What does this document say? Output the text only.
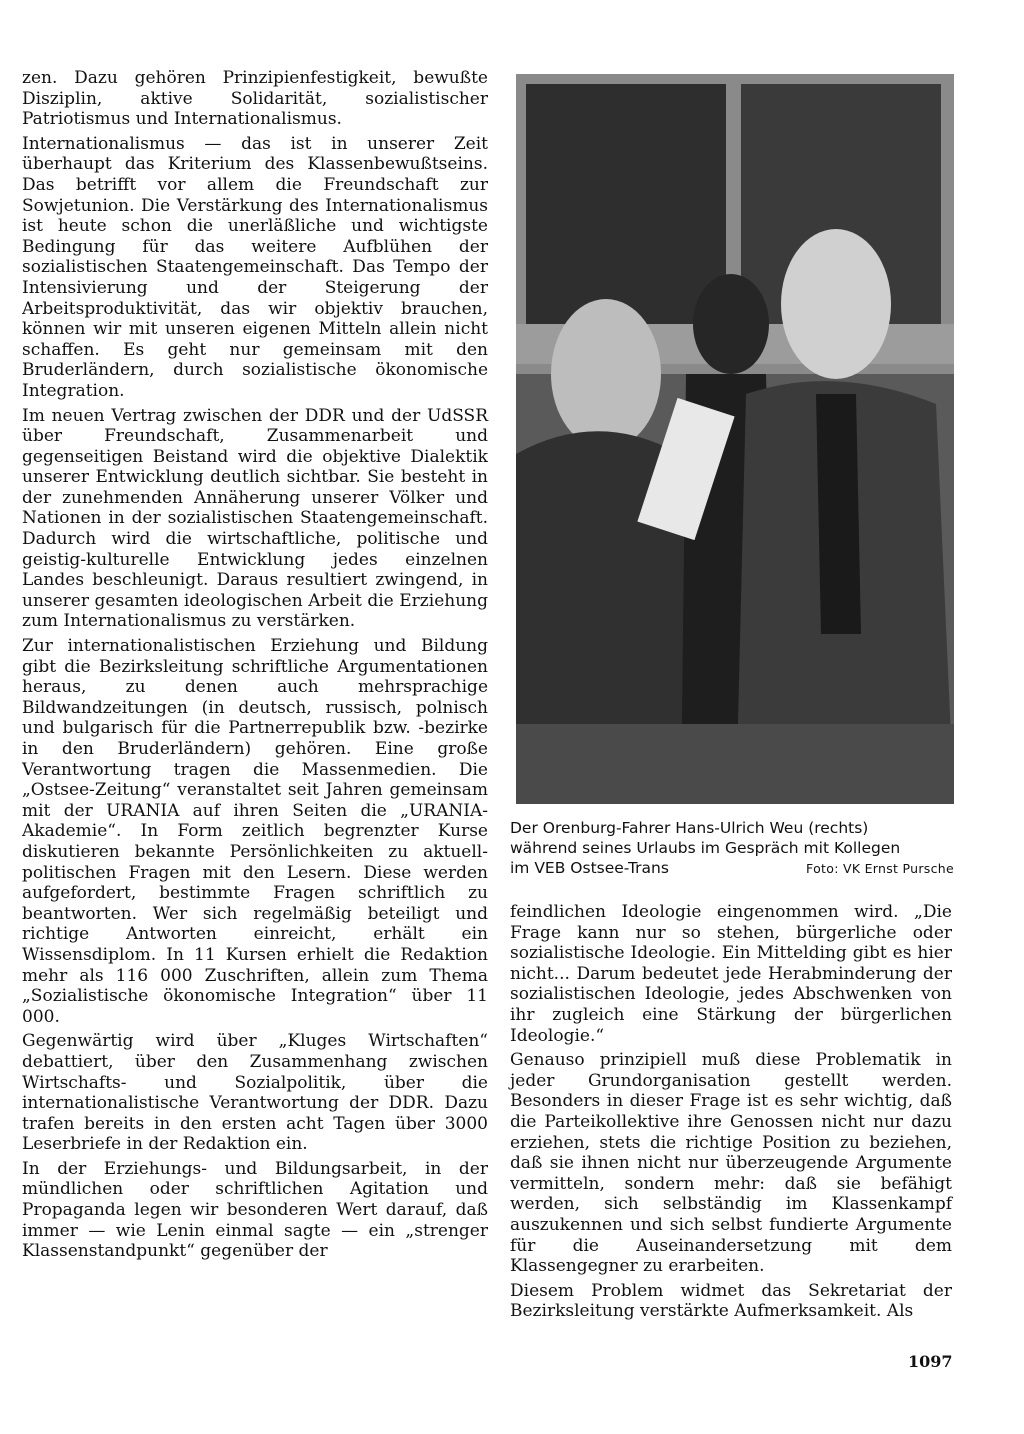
zen. Dazu gehören Prinzipienfestigkeit, bewußte Disziplin, aktive Solidarität, sozialistischer Patriotismus und Internationalismus.

Internationalismus — das ist in unserer Zeit überhaupt das Kriterium des Klassenbewußtseins. Das betrifft vor allem die Freundschaft zur Sowjetunion. Die Verstärkung des Internationalismus ist heute schon die unerläßliche und wichtigste Bedingung für das weitere Aufblühen der sozialistischen Staatengemeinschaft. Das Tempo der Intensivierung und der Steigerung der Arbeitsproduktivität, das wir objektiv brauchen, können wir mit unseren eigenen Mitteln allein nicht schaffen. Es geht nur gemeinsam mit den Bruderländern, durch sozialistische ökonomische Integration.

Im neuen Vertrag zwischen der DDR und der UdSSR über Freundschaft, Zusammenarbeit und gegenseitigen Beistand wird die objektive Dialektik unserer Entwicklung deutlich sichtbar. Sie besteht in der zunehmenden Annäherung unserer Völker und Nationen in der sozialistischen Staatengemeinschaft. Dadurch wird die wirtschaftliche, politische und geistig-kulturelle Entwicklung jedes einzelnen Landes beschleunigt. Daraus resultiert zwingend, in unserer gesamten ideologischen Arbeit die Erziehung zum Internationalismus zu verstärken.

Zur internationalistischen Erziehung und Bildung gibt die Bezirksleitung schriftliche Argumentationen heraus, zu denen auch mehrsprachige Bildwandzeitungen (in deutsch, russisch, polnisch und bulgarisch für die Partnerrepublik bzw. -bezirke in den Bruderländern) gehören. Eine große Verantwortung tragen die Massenmedien. Die „Ostsee-Zeitung“ veranstaltet seit Jahren gemeinsam mit der URANIA auf ihren Seiten die „URANIA-Akademie“. In Form zeitlich begrenzter Kurse diskutieren bekannte Persönlichkeiten zu aktuell-politischen Fragen mit den Lesern. Diese werden aufgefordert, bestimmte Fragen schriftlich zu beantworten. Wer sich regelmäßig beteiligt und richtige Antworten einreicht, erhält ein Wissensdiplom. In 11 Kursen erhielt die Redaktion mehr als 116 000 Zuschriften, allein zum Thema „Sozialistische ökonomische Integration“ über 11 000.

Gegenwärtig wird über „Kluges Wirtschaften“ debattiert, über den Zusammenhang zwischen Wirtschafts- und Sozialpolitik, über die internationalistische Verantwortung der DDR. Dazu trafen bereits in den ersten acht Tagen über 3000 Leserbriefe in der Redaktion ein.

In der Erziehungs- und Bildungsarbeit, in der mündlichen oder schriftlichen Agitation und Propaganda legen wir besonderen Wert darauf, daß immer — wie Lenin einmal sagte — ein „strenger Klassenstandpunkt“ gegenüber der

Der Orenburg-Fahrer Hans-Ulrich Weu (rechts)
während seines Urlaubs im Gespräch mit Kollegen
im VEB Ostsee-Trans	Foto: VK Ernst Pursche

feindlichen Ideologie eingenommen wird. „Die Frage kann nur so stehen, bürgerliche oder sozialistische Ideologie. Ein Mittelding gibt es hier nicht... Darum bedeutet jede Herabminderung der sozialistischen Ideologie, jedes Abschwenken von ihr zugleich eine Stärkung der bürgerlichen Ideologie.“

Genauso prinzipiell muß diese Problematik in jeder Grundorganisation gestellt werden. Besonders in dieser Frage ist es sehr wichtig, daß die Parteikollektive ihre Genossen nicht nur dazu erziehen, stets die richtige Position zu beziehen, daß sie ihnen nicht nur überzeugende Argumente vermitteln, sondern mehr: daß sie befähigt werden, sich selbständig im Klassenkampf auszukennen und sich selbst fundierte Argumente für die Auseinandersetzung mit dem Klassengegner zu erarbeiten.

Diesem Problem widmet das Sekretariat der Bezirksleitung verstärkte Aufmerksamkeit. Als

1097
